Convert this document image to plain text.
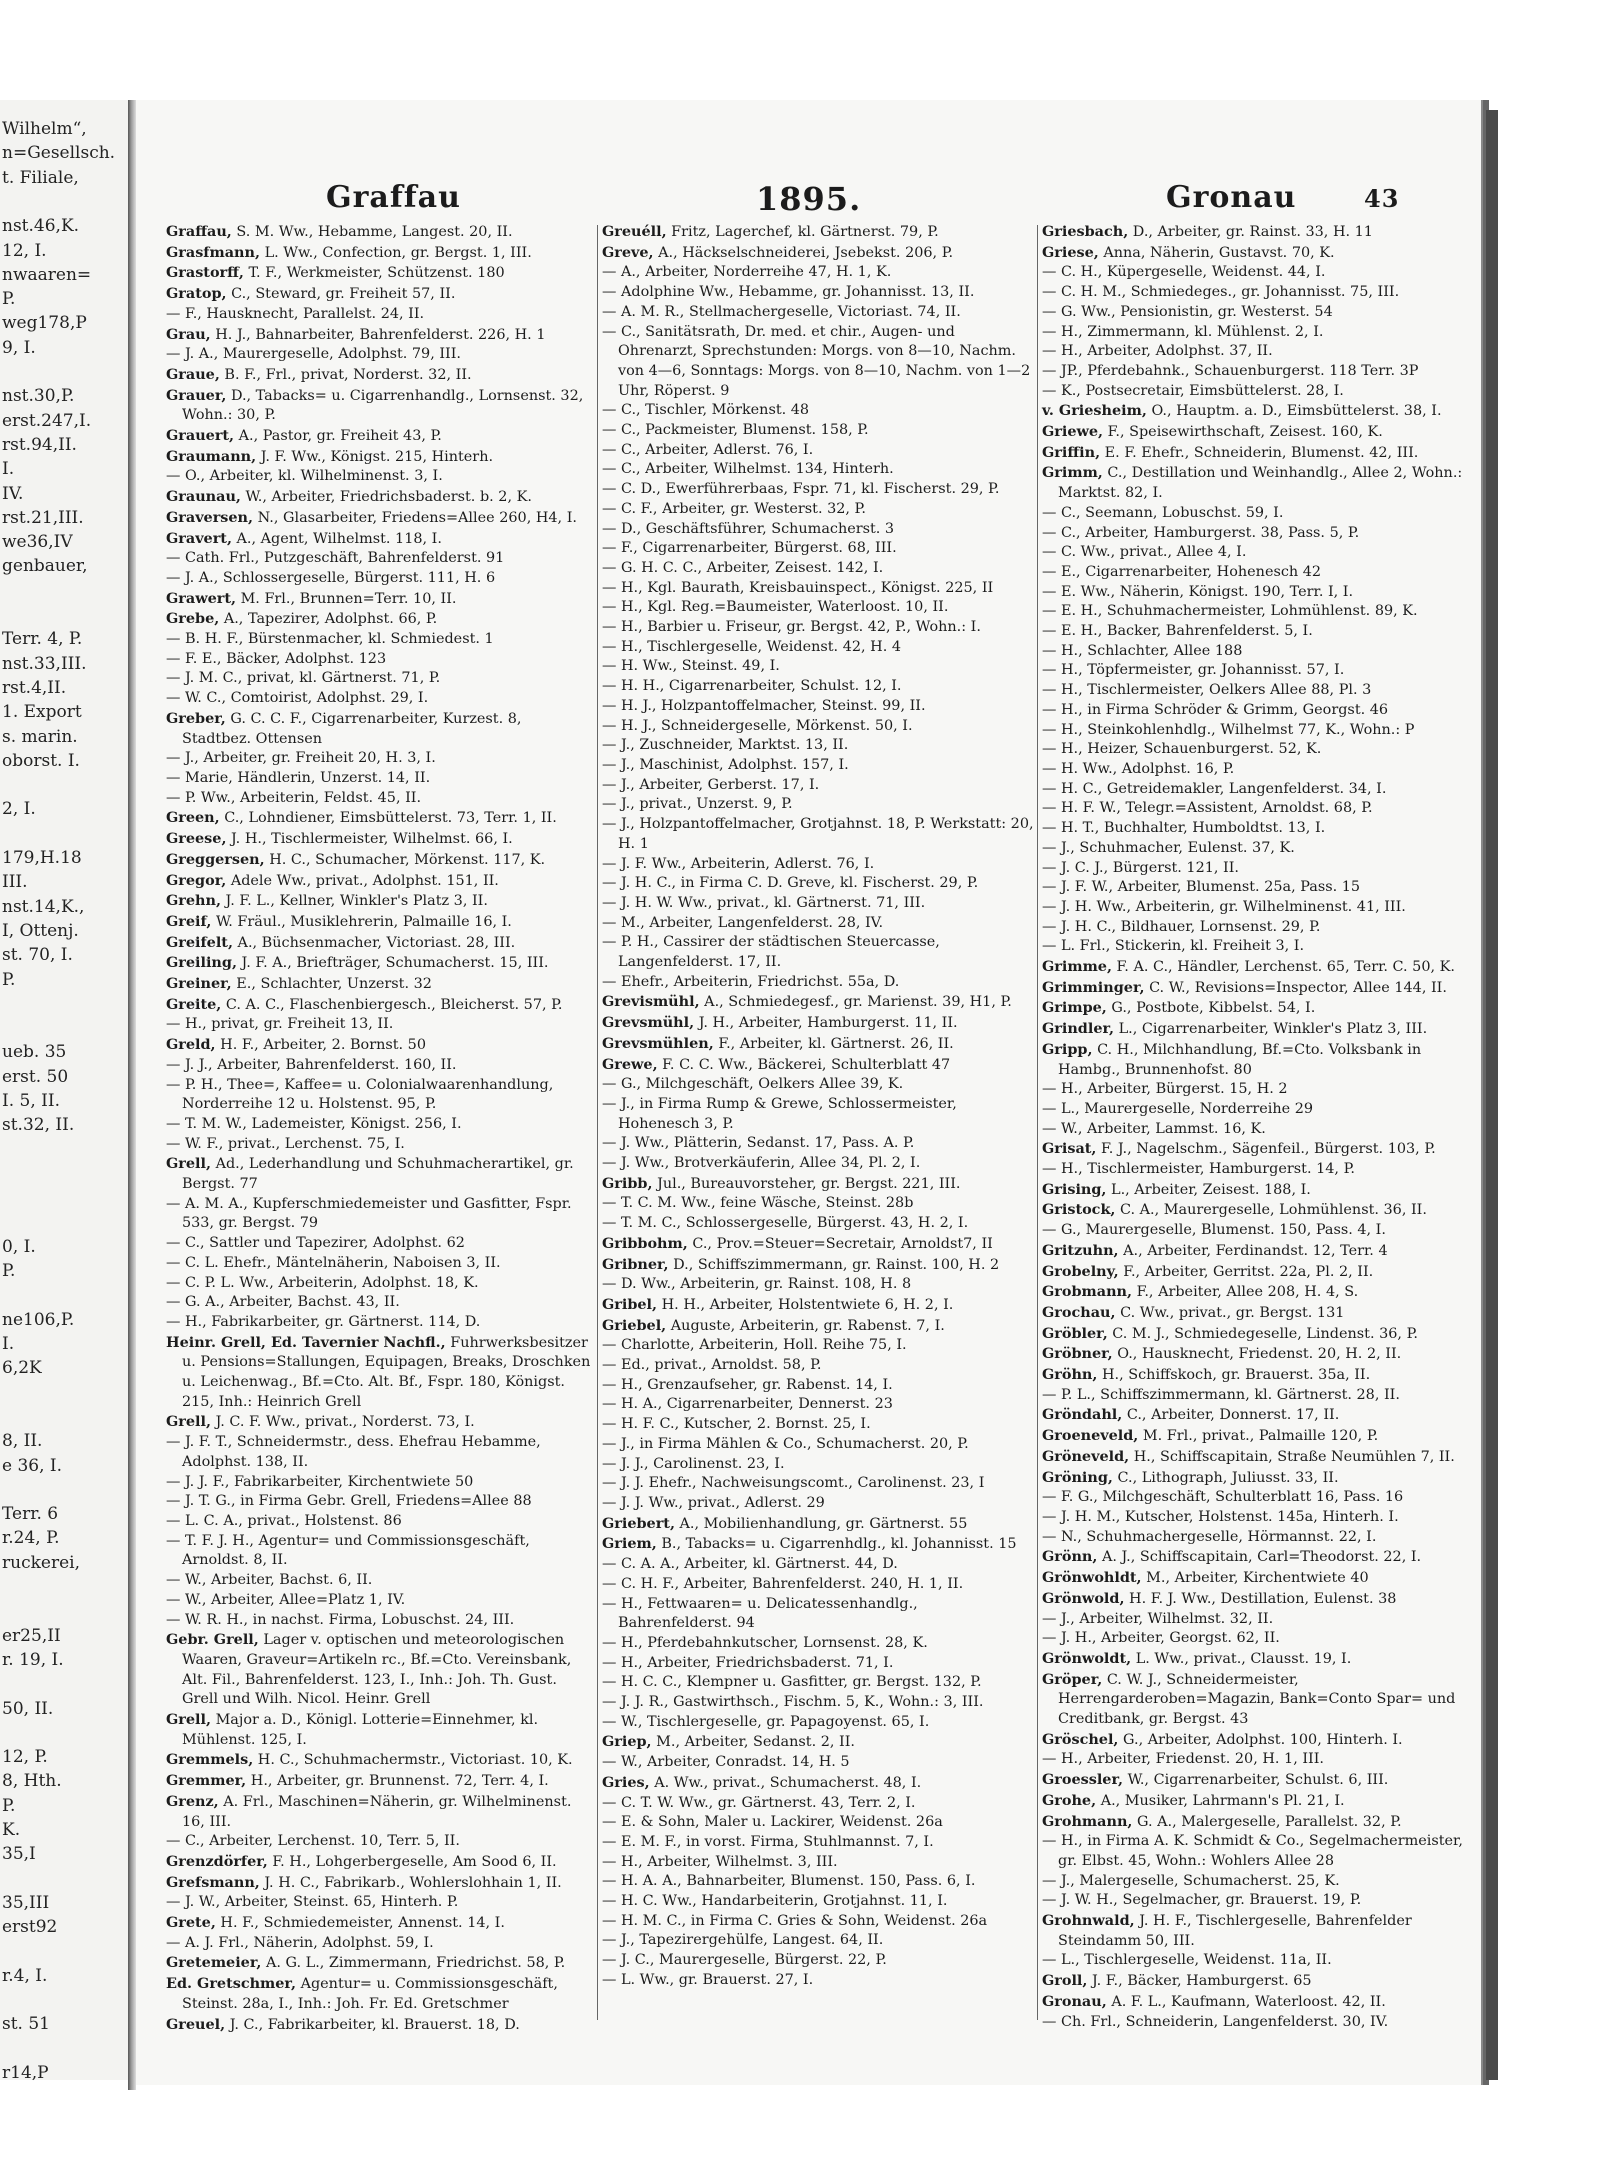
Wilhelm“,
n=Gesellsch.
t. Filiale,
nst.46,K.
12, I.
nwaaren=
P.
weg178,P
9, I.
nst.30,P.
erst.247,I.
rst.94,II.
I.
IV.
rst.21,III.
we36,IV
genbauer,
Terr. 4, P.
nst.33,III.
rst.4,II.
1. Export
s. marin.
oborst. I.
2, I.
179,H.18
III.
nst.14,K.,
I, Ottenj.
st. 70, I.
P.
ueb. 35
erst. 50
I. 5, II.
st.32, II.
0, I.
P.
ne106,P.
I.
6,2K
8, II.
e 36, I.
Terr. 6
r.24, P.
ruckerei,
er25,II
r. 19, I.
50, II.
12, P.
8, Hth.
P.
K.
35,I
35,III
erst92
r.4, I.
st. 51
r14,P
Graffau	1895.	Gronau	43

Graffau, S. M. Ww., Hebamme, Langest. 20, II.

Grasfmann, L. Ww., Confection, gr. Bergst. 1, III.

Grastorff, T. F., Werkmeister, Schützenst. 180

Gratop, C., Steward, gr. Freiheit 57, II.

— F., Hausknecht, Parallelst. 24, II.

Grau, H. J., Bahnarbeiter, Bahrenfelderst. 226, H. 1

— J. A., Maurergeselle, Adolphst. 79, III.

Graue, B. F., Frl., privat, Norderst. 32, II.

Grauer, D., Tabacks= u. Cigarrenhandlg., Lornsenst. 32, Wohn.: 30, P.

Grauert, A., Pastor, gr. Freiheit 43, P.

Graumann, J. F. Ww., Königst. 215, Hinterh.

— O., Arbeiter, kl. Wilhelminenst. 3, I.

Graunau, W., Arbeiter, Friedrichsbaderst. b. 2, K.

Graversen, N., Glasarbeiter, Friedens=Allee 260, H4, I.

Gravert, A., Agent, Wilhelmst. 118, I.

— Cath. Frl., Putzgeschäft, Bahrenfelderst. 91

— J. A., Schlossergeselle, Bürgerst. 111, H. 6

Grawert, M. Frl., Brunnen=Terr. 10, II.

Grebe, A., Tapezirer, Adolphst. 66, P.

— B. H. F., Bürstenmacher, kl. Schmiedest. 1

— F. E., Bäcker, Adolphst. 123

— J. M. C., privat, kl. Gärtnerst. 71, P.

— W. C., Comtoirist, Adolphst. 29, I.

Greber, G. C. C. F., Cigarrenarbeiter, Kurzest. 8, Stadtbez. Ottensen

— J., Arbeiter, gr. Freiheit 20, H. 3, I.

— Marie, Händlerin, Unzerst. 14, II.

— P. Ww., Arbeiterin, Feldst. 45, II.

Green, C., Lohndiener, Eimsbüttelerst. 73, Terr. 1, II.

Greese, J. H., Tischlermeister, Wilhelmst. 66, I.

Greggersen, H. C., Schumacher, Mörkenst. 117, K.

Gregor, Adele Ww., privat., Adolphst. 151, II.

Grehn, J. F. L., Kellner, Winkler's Platz 3, II.

Greif, W. Fräul., Musiklehrerin, Palmaille 16, I.

Greifelt, A., Büchsenmacher, Victoriast. 28, III.

Greiling, J. F. A., Briefträger, Schumacherst. 15, III.

Greiner, E., Schlachter, Unzerst. 32

Greite, C. A. C., Flaschenbiergesch., Bleicherst. 57, P.

— H., privat, gr. Freiheit 13, II.

Greld, H. F., Arbeiter, 2. Bornst. 50

— J. J., Arbeiter, Bahrenfelderst. 160, II.

— P. H., Thee=, Kaffee= u. Colonialwaarenhandlung, Norderreihe 12 u. Holstenst. 95, P.

— T. M. W., Lademeister, Königst. 256, I.

— W. F., privat., Lerchenst. 75, I.

Grell, Ad., Lederhandlung und Schuhmacherartikel, gr. Bergst. 77

— A. M. A., Kupferschmiedemeister und Gasfitter, Fspr. 533, gr. Bergst. 79

— C., Sattler und Tapezirer, Adolphst. 62

— C. L. Ehefr., Mäntelnäherin, Naboisen 3, II.

— C. P. L. Ww., Arbeiterin, Adolphst. 18, K.

— G. A., Arbeiter, Bachst. 43, II.

— H., Fabrikarbeiter, gr. Gärtnerst. 114, D.

Heinr. Grell, Ed. Tavernier Nachfl., Fuhrwerksbesitzer u. Pensions=Stallungen, Equipagen, Breaks, Droschken u. Leichenwag., Bf.=Cto. Alt. Bf., Fspr. 180, Königst. 215, Inh.: Heinrich Grell

Grell, J. C. F. Ww., privat., Norderst. 73, I.

— J. F. T., Schneidermstr., dess. Ehefrau Hebamme, Adolphst. 138, II.

— J. J. F., Fabrikarbeiter, Kirchentwiete 50

— J. T. G., in Firma Gebr. Grell, Friedens=Allee 88

— L. C. A., privat., Holstenst. 86

— T. F. J. H., Agentur= und Commissionsgeschäft, Arnoldst. 8, II.

— W., Arbeiter, Bachst. 6, II.

— W., Arbeiter, Allee=Platz 1, IV.

— W. R. H., in nachst. Firma, Lobuschst. 24, III.

Gebr. Grell, Lager v. optischen und meteorologischen Waaren, Graveur=Artikeln rc., Bf.=Cto. Vereinsbank, Alt. Fil., Bahrenfelderst. 123, I., Inh.: Joh. Th. Gust. Grell und Wilh. Nicol. Heinr. Grell

Grell, Major a. D., Königl. Lotterie=Einnehmer, kl. Mühlenst. 125, I.

Gremmels, H. C., Schuhmachermstr., Victoriast. 10, K.

Gremmer, H., Arbeiter, gr. Brunnenst. 72, Terr. 4, I.

Grenz, A. Frl., Maschinen=Näherin, gr. Wilhelminenst. 16, III.

— C., Arbeiter, Lerchenst. 10, Terr. 5, II.

Grenzdörfer, F. H., Lohgerbergeselle, Am Sood 6, II.

Grefsmann, J. H. C., Fabrikarb., Wohlerslohhain 1, II.

— J. W., Arbeiter, Steinst. 65, Hinterh. P.

Grete, H. F., Schmiedemeister, Annenst. 14, I.

— A. J. Frl., Näherin, Adolphst. 59, I.

Gretemeier, A. G. L., Zimmermann, Friedrichst. 58, P.

Ed. Gretschmer, Agentur= u. Commissionsgeschäft, Steinst. 28a, I., Inh.: Joh. Fr. Ed. Gretschmer

Greuel, J. C., Fabrikarbeiter, kl. Brauerst. 18, D.

Greuéll, Fritz, Lagerchef, kl. Gärtnerst. 79, P.

Greve, A., Häckselschneiderei, Jsebekst. 206, P.

— A., Arbeiter, Norderreihe 47, H. 1, K.

— Adolphine Ww., Hebamme, gr. Johannisst. 13, II.

— A. M. R., Stellmachergeselle, Victoriast. 74, II.

— C., Sanitätsrath, Dr. med. et chir., Augen- und Ohrenarzt, Sprechstunden: Morgs. von 8—10, Nachm. von 4—6, Sonntags: Morgs. von 8—10, Nachm. von 1—2 Uhr, Röperst. 9

— C., Tischler, Mörkenst. 48

— C., Packmeister, Blumenst. 158, P.

— C., Arbeiter, Adlerst. 76, I.

— C., Arbeiter, Wilhelmst. 134, Hinterh.

— C. D., Ewerführerbaas, Fspr. 71, kl. Fischerst. 29, P.

— C. F., Arbeiter, gr. Westerst. 32, P.

— D., Geschäftsführer, Schumacherst. 3

— F., Cigarrenarbeiter, Bürgerst. 68, III.

— G. H. C. C., Arbeiter, Zeisest. 142, I.

— H., Kgl. Baurath, Kreisbauinspect., Königst. 225, II

— H., Kgl. Reg.=Baumeister, Waterloost. 10, II.

— H., Barbier u. Friseur, gr. Bergst. 42, P., Wohn.: I.

— H., Tischlergeselle, Weidenst. 42, H. 4

— H. Ww., Steinst. 49, I.

— H. H., Cigarrenarbeiter, Schulst. 12, I.

— H. J., Holzpantoffelmacher, Steinst. 99, II.

— H. J., Schneidergeselle, Mörkenst. 50, I.

— J., Zuschneider, Marktst. 13, II.

— J., Maschinist, Adolphst. 157, I.

— J., Arbeiter, Gerberst. 17, I.

— J., privat., Unzerst. 9, P.

— J., Holzpantoffelmacher, Grotjahnst. 18, P. Werkstatt: 20, H. 1

— J. F. Ww., Arbeiterin, Adlerst. 76, I.

— J. H. C., in Firma C. D. Greve, kl. Fischerst. 29, P.

— J. H. W. Ww., privat., kl. Gärtnerst. 71, III.

— M., Arbeiter, Langenfelderst. 28, IV.

— P. H., Cassirer der städtischen Steuercasse, Langenfelderst. 17, II.

— Ehefr., Arbeiterin, Friedrichst. 55a, D.

Grevismühl, A., Schmiedegesf., gr. Marienst. 39, H1, P.

Grevsmühl, J. H., Arbeiter, Hamburgerst. 11, II.

Grevsmühlen, F., Arbeiter, kl. Gärtnerst. 26, II.

Grewe, F. C. C. Ww., Bäckerei, Schulterblatt 47

— G., Milchgeschäft, Oelkers Allee 39, K.

— J., in Firma Rump & Grewe, Schlossermeister, Hohenesch 3, P.

— J. Ww., Plätterin, Sedanst. 17, Pass. A. P.

— J. Ww., Brotverkäuferin, Allee 34, Pl. 2, I.

Gribb, Jul., Bureauvorsteher, gr. Bergst. 221, III.

— T. C. M. Ww., feine Wäsche, Steinst. 28b

— T. M. C., Schlossergeselle, Bürgerst. 43, H. 2, I.

Gribbohm, C., Prov.=Steuer=Secretair, Arnoldst7, II

Gribner, D., Schiffszimmermann, gr. Rainst. 100, H. 2

— D. Ww., Arbeiterin, gr. Rainst. 108, H. 8

Gribel, H. H., Arbeiter, Holstentwiete 6, H. 2, I.

Griebel, Auguste, Arbeiterin, gr. Rabenst. 7, I.

— Charlotte, Arbeiterin, Holl. Reihe 75, I.

— Ed., privat., Arnoldst. 58, P.

— H., Grenzaufseher, gr. Rabenst. 14, I.

— H. A., Cigarrenarbeiter, Dennerst. 23

— H. F. C., Kutscher, 2. Bornst. 25, I.

— J., in Firma Mählen & Co., Schumacherst. 20, P.

— J. J., Carolinenst. 23, I.

— J. J. Ehefr., Nachweisungscomt., Carolinenst. 23, I

— J. J. Ww., privat., Adlerst. 29

Griebert, A., Mobilienhandlung, gr. Gärtnerst. 55

Griem, B., Tabacks= u. Cigarrenhdlg., kl. Johannisst. 15

— C. A. A., Arbeiter, kl. Gärtnerst. 44, D.

— C. H. F., Arbeiter, Bahrenfelderst. 240, H. 1, II.

— H., Fettwaaren= u. Delicatessenhandlg., Bahrenfelderst. 94

— H., Pferdebahnkutscher, Lornsenst. 28, K.

— H., Arbeiter, Friedrichsbaderst. 71, I.

— H. C. C., Klempner u. Gasfitter, gr. Bergst. 132, P.

— J. J. R., Gastwirthsch., Fischm. 5, K., Wohn.: 3, III.

— W., Tischlergeselle, gr. Papagoyenst. 65, I.

Griep, M., Arbeiter, Sedanst. 2, II.

— W., Arbeiter, Conradst. 14, H. 5

Gries, A. Ww., privat., Schumacherst. 48, I.

— C. T. W. Ww., gr. Gärtnerst. 43, Terr. 2, I.

— E. & Sohn, Maler u. Lackirer, Weidenst. 26a

— E. M. F., in vorst. Firma, Stuhlmannst. 7, I.

— H., Arbeiter, Wilhelmst. 3, III.

— H. A. A., Bahnarbeiter, Blumenst. 150, Pass. 6, I.

— H. C. Ww., Handarbeiterin, Grotjahnst. 11, I.

— H. M. C., in Firma C. Gries & Sohn, Weidenst. 26a

— J., Tapezirergehülfe, Langest. 64, II.

— J. C., Maurergeselle, Bürgerst. 22, P.

— L. Ww., gr. Brauerst. 27, I.

Griesbach, D., Arbeiter, gr. Rainst. 33, H. 11

Griese, Anna, Näherin, Gustavst. 70, K.

— C. H., Küpergeselle, Weidenst. 44, I.

— C. H. M., Schmiedeges., gr. Johannisst. 75, III.

— G. Ww., Pensionistin, gr. Westerst. 54

— H., Zimmermann, kl. Mühlenst. 2, I.

— H., Arbeiter, Adolphst. 37, II.

— JP., Pferdebahnk., Schauenburgerst. 118 Terr. 3P

— K., Postsecretair, Eimsbüttelerst. 28, I.

v. Griesheim, O., Hauptm. a. D., Eimsbüttelerst. 38, I.

Griewe, F., Speisewirthschaft, Zeisest. 160, K.

Griffin, E. F. Ehefr., Schneiderin, Blumenst. 42, III.

Grimm, C., Destillation und Weinhandlg., Allee 2, Wohn.: Marktst. 82, I.

— C., Seemann, Lobuschst. 59, I.

— C., Arbeiter, Hamburgerst. 38, Pass. 5, P.

— C. Ww., privat., Allee 4, I.

— E., Cigarrenarbeiter, Hohenesch 42

— E. Ww., Näherin, Königst. 190, Terr. I, I.

— E. H., Schuhmachermeister, Lohmühlenst. 89, K.

— E. H., Backer, Bahrenfelderst. 5, I.

— H., Schlachter, Allee 188

— H., Töpfermeister, gr. Johannisst. 57, I.

— H., Tischlermeister, Oelkers Allee 88, Pl. 3

— H., in Firma Schröder & Grimm, Georgst. 46

— H., Steinkohlenhdlg., Wilhelmst 77, K., Wohn.: P

— H., Heizer, Schauenburgerst. 52, K.

— H. Ww., Adolphst. 16, P.

— H. C., Getreidemakler, Langenfelderst. 34, I.

— H. F. W., Telegr.=Assistent, Arnoldst. 68, P.

— H. T., Buchhalter, Humboldtst. 13, I.

— J., Schuhmacher, Eulenst. 37, K.

— J. C. J., Bürgerst. 121, II.

— J. F. W., Arbeiter, Blumenst. 25a, Pass. 15

— J. H. Ww., Arbeiterin, gr. Wilhelminenst. 41, III.

— J. H. C., Bildhauer, Lornsenst. 29, P.

— L. Frl., Stickerin, kl. Freiheit 3, I.

Grimme, F. A. C., Händler, Lerchenst. 65, Terr. C. 50, K.

Grimminger, C. W., Revisions=Inspector, Allee 144, II.

Grimpe, G., Postbote, Kibbelst. 54, I.

Grindler, L., Cigarrenarbeiter, Winkler's Platz 3, III.

Gripp, C. H., Milchhandlung, Bf.=Cto. Volksbank in Hambg., Brunnenhofst. 80

— H., Arbeiter, Bürgerst. 15, H. 2

— L., Maurergeselle, Norderreihe 29

— W., Arbeiter, Lammst. 16, K.

Grisat, F. J., Nagelschm., Sägenfeil., Bürgerst. 103, P.

— H., Tischlermeister, Hamburgerst. 14, P.

Grising, L., Arbeiter, Zeisest. 188, I.

Gristock, C. A., Maurergeselle, Lohmühlenst. 36, II.

— G., Maurergeselle, Blumenst. 150, Pass. 4, I.

Gritzuhn, A., Arbeiter, Ferdinandst. 12, Terr. 4

Grobelny, F., Arbeiter, Gerritst. 22a, Pl. 2, II.

Grobmann, F., Arbeiter, Allee 208, H. 4, S.

Grochau, C. Ww., privat., gr. Bergst. 131

Gröbler, C. M. J., Schmiedegeselle, Lindenst. 36, P.

Gröbner, O., Hausknecht, Friedenst. 20, H. 2, II.

Gröhn, H., Schiffskoch, gr. Brauerst. 35a, II.

— P. L., Schiffszimmermann, kl. Gärtnerst. 28, II.

Gröndahl, C., Arbeiter, Donnerst. 17, II.

Groeneveld, M. Frl., privat., Palmaille 120, P.

Gröneveld, H., Schiffscapitain, Straße Neumühlen 7, II.

Gröning, C., Lithograph, Juliusst. 33, II.

— F. G., Milchgeschäft, Schulterblatt 16, Pass. 16

— J. H. M., Kutscher, Holstenst. 145a, Hinterh. I.

— N., Schuhmachergeselle, Hörmannst. 22, I.

Grönn, A. J., Schiffscapitain, Carl=Theodorst. 22, I.

Grönwohldt, M., Arbeiter, Kirchentwiete 40

Grönwold, H. F. J. Ww., Destillation, Eulenst. 38

— J., Arbeiter, Wilhelmst. 32, II.

— J. H., Arbeiter, Georgst. 62, II.

Grönwoldt, L. Ww., privat., Clausst. 19, I.

Gröper, C. W. J., Schneidermeister, Herrengarderoben=Magazin, Bank=Conto Spar= und Creditbank, gr. Bergst. 43

Gröschel, G., Arbeiter, Adolphst. 100, Hinterh. I.

— H., Arbeiter, Friedenst. 20, H. 1, III.

Groessler, W., Cigarrenarbeiter, Schulst. 6, III.

Grohe, A., Musiker, Lahrmann's Pl. 21, I.

Grohmann, G. A., Malergeselle, Parallelst. 32, P.

— H., in Firma A. K. Schmidt & Co., Segelmachermeister, gr. Elbst. 45, Wohn.: Wohlers Allee 28

— J., Malergeselle, Schumacherst. 25, K.

— J. W. H., Segelmacher, gr. Brauerst. 19, P.

Grohnwald, J. H. F., Tischlergeselle, Bahrenfelder Steindamm 50, III.

— L., Tischlergeselle, Weidenst. 11a, II.

Groll, J. F., Bäcker, Hamburgerst. 65

Gronau, A. F. L., Kaufmann, Waterloost. 42, II.

— Ch. Frl., Schneiderin, Langenfelderst. 30, IV.
